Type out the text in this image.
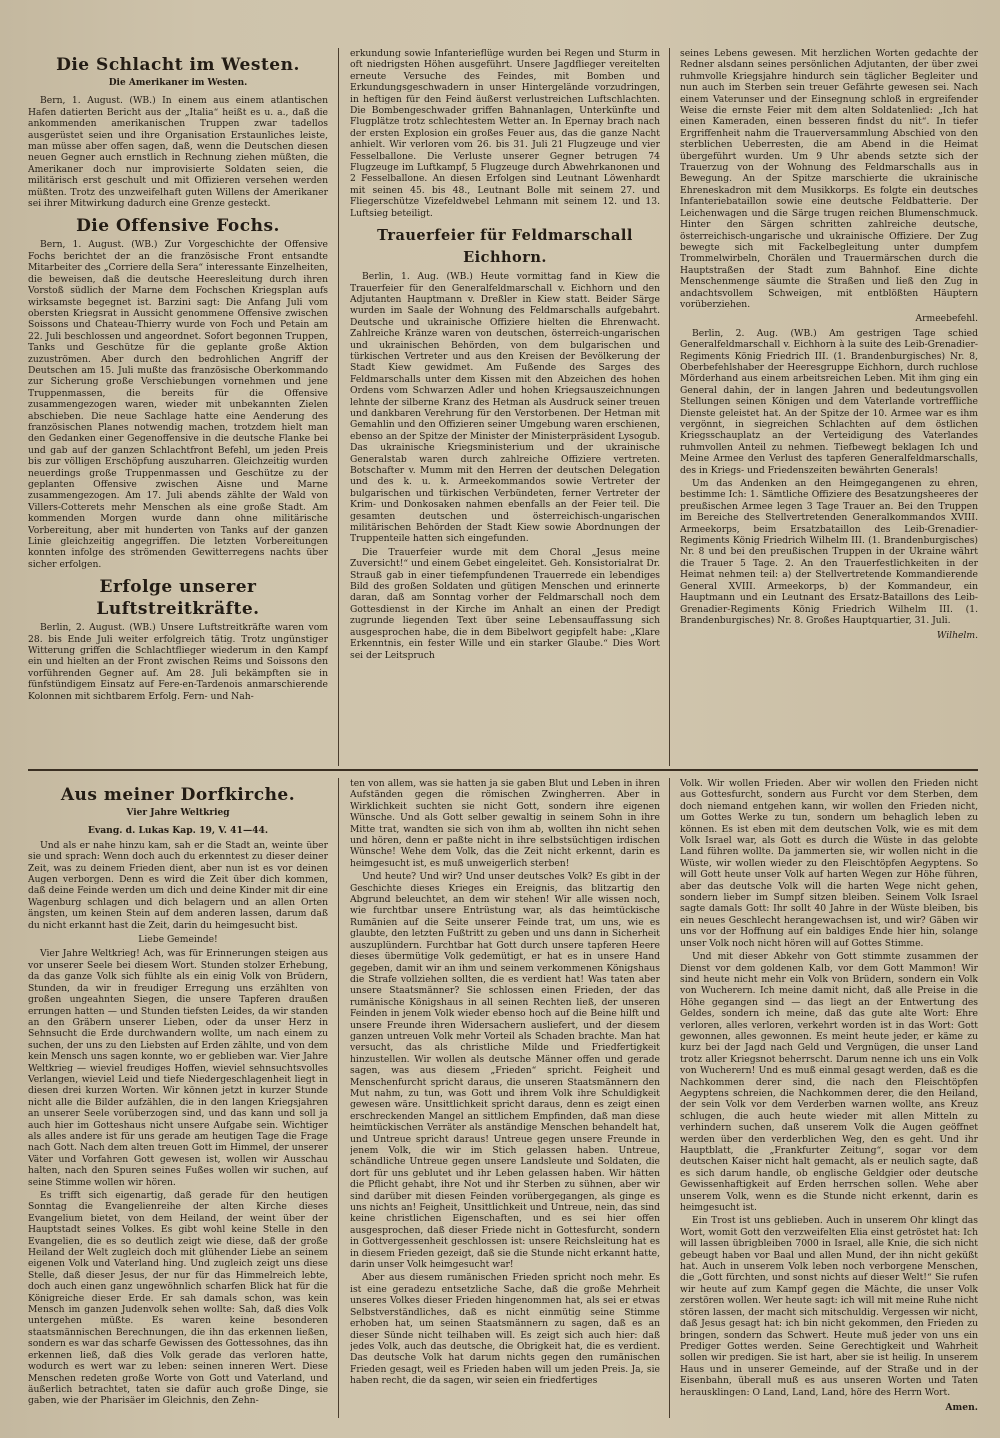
Die Schlacht im Westen.
Die Amerikaner im Westen.

Bern, 1. August. (WB.) In einem aus einem atlantischen Hafen datierten Bericht aus der „Italia“ heißt es u. a., daß die ankommenden amerikanischen Truppen zwar tadellos ausgerüstet seien und ihre Organisation Erstaunliches leiste, man müsse aber offen sagen, daß, wenn die Deutschen diesen neuen Gegner auch ernstlich in Rechnung ziehen müßten, die Amerikaner doch nur improvisierte Soldaten seien, die militärisch erst geschult und mit Offizieren versehen werden müßten. Trotz des unzweifelhaft guten Willens der Amerikaner sei ihrer Mitwirkung dadurch eine Grenze gesteckt.

Die Offensive Fochs.

Bern, 1. August. (WB.) Zur Vorgeschichte der Offensive Fochs berichtet der an die französische Front entsandte Mitarbeiter des „Corriere della Sera“ interessante Einzelheiten, die beweisen, daß die deutsche Heeresleitung durch ihren Vorstoß südlich der Marne dem Fochschen Kriegsplan aufs wirksamste begegnet ist. Barzini sagt: Die Anfang Juli vom obersten Kriegsrat in Aussicht genommene Offensive zwischen Soissons und Chateau-Thierry wurde von Foch und Petain am 22. Juli beschlossen und angeordnet. Sofort begonnen Truppen, Tanks und Geschütze für die geplante große Aktion zuzuströmen. Aber durch den bedrohlichen Angriff der Deutschen am 15. Juli mußte das französische Oberkommando zur Sicherung große Verschiebungen vornehmen und jene Truppenmassen, die bereits für die Offensive zusammengezogen waren, wieder mit unbekannten Zielen abschieben. Die neue Sachlage hatte eine Aenderung des französischen Planes notwendig machen, trotzdem hielt man den Gedanken einer Gegenoffensive in die deutsche Flanke bei und gab auf der ganzen Schlachtfront Befehl, um jeden Preis bis zur völligen Erschöpfung auszuharren. Gleichzeitig wurden neuerdings große Truppenmassen und Geschütze zu der geplanten Offensive zwischen Aisne und Marne zusammengezogen. Am 17. Juli abends zählte der Wald von Villers-Cotterets mehr Menschen als eine große Stadt. Am kommenden Morgen wurde dann ohne militärische Vorbereitung, aber mit hunderten von Tanks auf der ganzen Linie gleichzeitig angegriffen. Die letzten Vorbereitungen konnten infolge des strömenden Gewitterregens nachts über sicher erfolgen.

Erfolge unserer Luftstreitkräfte.

Berlin, 2. August. (WB.) Unsere Luftstreitkräfte waren vom 28. bis Ende Juli weiter erfolgreich tätig. Trotz ungünstiger Witterung griffen die Schlachtflieger wiederum in den Kampf ein und hielten an der Front zwischen Reims und Soissons den vorführenden Gegner auf. Am 28. Juli bekämpften sie in fünfstündigem Einsatz auf Fere-en-Tardenois anmarschierende Kolonnen mit sichtbarem Erfolg. Fern- und Nah-

erkundung sowie Infanterieflüge wurden bei Regen und Sturm in oft niedrigsten Höhen ausgeführt. Unsere Jagdflieger vereitelten erneute Versuche des Feindes, mit Bomben und Erkundungsgeschwadern in unser Hintergelände vorzudringen, in heftigen für den Feind äußerst verlustreichen Luftschlachten. Die Bombengeschwader griffen Bahnanlagen, Unterkünfte und Flugplätze trotz schlechtestem Wetter an. In Epernay brach nach der ersten Explosion ein großes Feuer aus, das die ganze Nacht anhielt. Wir verloren vom 26. bis 31. Juli 21 Flugzeuge und vier Fesselballone. Die Verluste unserer Gegner betrugen 74 Flugzeuge im Luftkampf, 5 Flugzeuge durch Abwehrkanonen und 2 Fesselballone. An diesen Erfolgen sind Leutnant Löwenhardt mit seinen 45. bis 48., Leutnant Bolle mit seinem 27. und Fliegerschütze Vizefeldwebel Lehmann mit seinem 12. und 13. Luftsieg beteiligt.

Trauerfeier für Feldmarschall Eichhorn.

Berlin, 1. Aug. (WB.) Heute vormittag fand in Kiew die Trauerfeier für den Generalfeldmarschall v. Eichhorn und den Adjutanten Hauptmann v. Dreßler in Kiew statt. Beider Särge wurden im Saale der Wohnung des Feldmarschalls aufgebahrt. Deutsche und ukrainische Offiziere hielten die Ehrenwacht. Zahlreiche Kränze waren von deutschen, österreich-ungarischen und ukrainischen Behörden, von dem bulgarischen und türkischen Vertreter und aus den Kreisen der Bevölkerung der Stadt Kiew gewidmet. Am Fußende des Sarges des Feldmarschalls unter dem Kissen mit den Abzeichen des hohen Ordens vom Schwarzen Adler und hohen Kriegsauszeichnungen lehnte der silberne Kranz des Hetman als Ausdruck seiner treuen und dankbaren Verehrung für den Verstorbenen. Der Hetman mit Gemahlin und den Offizieren seiner Umgebung waren erschienen, ebenso an der Spitze der Minister der Ministerpräsident Lysogub. Das ukrainische Kriegsministerium und der ukrainische Generalstab waren durch zahlreiche Offiziere vertreten. Botschafter v. Mumm mit den Herren der deutschen Delegation und des k. u. k. Armeekommandos sowie Vertreter der bulgarischen und türkischen Verbündeten, ferner Vertreter der Krim- und Donkosaken nahmen ebenfalls an der Feier teil. Die gesamten deutschen und österreichisch-ungarischen militärischen Behörden der Stadt Kiew sowie Abordnungen der Truppenteile hatten sich eingefunden.

Die Trauerfeier wurde mit dem Choral „Jesus meine Zuversicht!“ und einem Gebet eingeleitet. Geh. Konsistorialrat Dr. Strauß gab in einer tiefempfundenen Trauerrede ein lebendiges Bild des großen Soldaten und gütigen Menschen und erinnerte daran, daß am Sonntag vorher der Feldmarschall noch dem Gottesdienst in der Kirche im Anhalt an einen der Predigt zugrunde liegenden Text über seine Lebensauffassung sich ausgesprochen habe, die in dem Bibelwort gegipfelt habe: „Klare Erkenntnis, ein fester Wille und ein starker Glaube.“ Dies Wort sei der Leitspruch

seines Lebens gewesen. Mit herzlichen Worten gedachte der Redner alsdann seines persönlichen Adjutanten, der über zwei ruhmvolle Kriegsjahre hindurch sein täglicher Begleiter und nun auch im Sterben sein treuer Gefährte gewesen sei. Nach einem Vaterunser und der Einsegnung schloß in ergreifender Weise die ernste Feier mit dem alten Soldatenlied: „Ich hat einen Kameraden, einen besseren findst du nit“. In tiefer Ergriffenheit nahm die Trauerversammlung Abschied von den sterblichen Ueberresten, die am Abend in die Heimat übergeführt wurden. Um 9 Uhr abends setzte sich der Trauerzug von der Wohnung des Feldmarschalls aus in Bewegung. An der Spitze marschierte die ukrainische Ehreneskadron mit dem Musikkorps. Es folgte ein deutsches Infanteriebataillon sowie eine deutsche Feldbatterie. Der Leichenwagen und die Särge trugen reichen Blumenschmuck. Hinter den Särgen schritten zahlreiche deutsche, österreichisch-ungarische und ukrainische Offiziere. Der Zug bewegte sich mit Fackelbegleitung unter dumpfem Trommelwirbeln, Chorälen und Trauermärschen durch die Hauptstraßen der Stadt zum Bahnhof. Eine dichte Menschenmenge säumte die Straßen und ließ den Zug in andachtsvollem Schweigen, mit entblößten Häuptern vorüberziehen.

Armeebefehl.

Berlin, 2. Aug. (WB.) Am gestrigen Tage schied Generalfeldmarschall v. Eichhorn à la suite des Leib-Grenadier-Regiments König Friedrich III. (1. Brandenburgisches) Nr. 8, Oberbefehlshaber der Heeresgruppe Eichhorn, durch ruchlose Mörderhand aus einem arbeitsreichen Leben. Mit ihm ging ein General dahin, der in langen Jahren und bedeutungsvollen Stellungen seinen Königen und dem Vaterlande vortreffliche Dienste geleistet hat. An der Spitze der 10. Armee war es ihm vergönnt, in siegreichen Schlachten auf dem östlichen Kriegsschauplatz an der Verteidigung des Vaterlandes ruhmvollen Anteil zu nehmen. Tiefbewegt beklagen Ich und Meine Armee den Verlust des tapferen Generalfeldmarschalls, des in Kriegs- und Friedenszeiten bewährten Generals!

Um das Andenken an den Heimgegangenen zu ehren, bestimme Ich: 1. Sämtliche Offiziere des Besatzungsheeres der preußischen Armee legen 3 Tage Trauer an. Bei den Truppen im Bereiche des Stellvertretenden Generalkommandos XVIII. Armeekorps, beim Ersatzbataillon des Leib-Grenadier-Regiments König Friedrich Wilhelm III. (1. Brandenburgisches) Nr. 8 und bei den preußischen Truppen in der Ukraine währt die Trauer 5 Tage. 2. An den Trauerfestlichkeiten in der Heimat nehmen teil: a) der Stellvertretende Kommandierende General XVIII. Armeekorps, b) der Kommandeur, ein Hauptmann und ein Leutnant des Ersatz-Bataillons des Leib-Grenadier-Regiments König Friedrich Wilhelm III. (1. Brandenburgisches) Nr. 8. Großes Hauptquartier, 31. Juli.

Wilhelm.
Aus meiner Dorfkirche.
Vier Jahre Weltkrieg
Evang. d. Lukas Kap. 19, V. 41—44.

Und als er nahe hinzu kam, sah er die Stadt an, weinte über sie und sprach: Wenn doch auch du erkenntest zu dieser deiner Zeit, was zu deinem Frieden dient, aber nun ist es vor deinen Augen verborgen. Denn es wird die Zeit über dich kommen, daß deine Feinde werden um dich und deine Kinder mit dir eine Wagenburg schlagen und dich belagern und an allen Orten ängsten, um keinen Stein auf dem anderen lassen, darum daß du nicht erkannt hast die Zeit, darin du heimgesucht bist.

Liebe Gemeinde!

Vier Jahre Weltkrieg! Ach, was für Erinnerungen steigen aus vor unserer Seele bei diesem Wort. Stunden stolzer Erhebung, da das ganze Volk sich fühlte als ein einig Volk von Brüdern, Stunden, da wir in freudiger Erregung uns erzählten von großen ungeahnten Siegen, die unsere Tapferen draußen errungen hatten — und Stunden tiefsten Leides, da wir standen an den Gräbern unserer Lieben, oder da unser Herz in Sehnsucht die Erde durchwandern wollte, um nach einem zu suchen, der uns zu den Liebsten auf Erden zählte, und von dem kein Mensch uns sagen konnte, wo er geblieben war. Vier Jahre Weltkrieg — wieviel freudiges Hoffen, wieviel sehnsuchtsvolles Verlangen, wieviel Leid und tiefe Niedergeschlagenheit liegt in diesen drei kurzen Worten. Wir können jetzt in kurzer Stunde nicht alle die Bilder aufzählen, die in den langen Kriegsjahren an unserer Seele vorüberzogen sind, und das kann und soll ja auch hier im Gotteshaus nicht unsere Aufgabe sein. Wichtiger als alles andere ist für uns gerade am heutigen Tage die Frage nach Gott. Nach dem alten treuen Gott im Himmel, der unserer Väter und Vorfahren Gott gewesen ist, wollen wir Ausschau halten, nach den Spuren seines Fußes wollen wir suchen, auf seine Stimme wollen wir hören.

Es trifft sich eigenartig, daß gerade für den heutigen Sonntag die Evangelienreihe der alten Kirche dieses Evangelium bietet, von dem Heiland, der weint über der Hauptstadt seines Volkes. Es gibt wohl keine Stelle in den Evangelien, die es so deutlich zeigt wie diese, daß der große Heiland der Welt zugleich doch mit glühender Liebe an seinem eigenen Volk und Vaterland hing. Und zugleich zeigt uns diese Stelle, daß dieser Jesus, der nur für das Himmelreich lebte, doch auch einen ganz ungewöhnlich scharfen Blick hat für die Königreiche dieser Erde. Er sah damals schon, was kein Mensch im ganzen Judenvolk sehen wollte: Sah, daß dies Volk untergehen müßte. Es waren keine besonderen staatsmännischen Berechnungen, die ihn das erkennen ließen, sondern es war das scharfe Gewissen des Gottessohnes, das ihn erkennen ließ, daß dies Volk gerade das verloren hatte, wodurch es wert war zu leben: seinen inneren Wert. Diese Menschen redeten große Worte von Gott und Vaterland, und äußerlich betrachtet, taten sie dafür auch große Dinge, sie gaben, wie der Pharisäer im Gleichnis, den Zehn-

ten von allem, was sie hatten ja sie gaben Blut und Leben in ihren Aufständen gegen die römischen Zwingherren. Aber in Wirklichkeit suchten sie nicht Gott, sondern ihre eigenen Wünsche. Und als Gott selber gewaltig in seinem Sohn in ihre Mitte trat, wandten sie sich von ihm ab, wollten ihn nicht sehen und hören, denn er paßte nicht in ihre selbstsüchtigen irdischen Wünsche! Wehe dem Volk, das die Zeit nicht erkennt, darin es heimgesucht ist, es muß unweigerlich sterben!

Und heute? Und wir? Und unser deutsches Volk? Es gibt in der Geschichte dieses Krieges ein Ereignis, das blitzartig den Abgrund beleuchtet, an dem wir stehen! Wir alle wissen noch, wie furchtbar unsere Entrüstung war, als das heimtückische Rumänien auf die Seite unserer Feinde trat, um uns, wie es glaubte, den letzten Fußtritt zu geben und uns dann in Sicherheit auszuplündern. Furchtbar hat Gott durch unsere tapferen Heere dieses übermütige Volk gedemütigt, er hat es in unsere Hand gegeben, damit wir an ihm und seinem verkommenen Königshaus die Strafe vollziehen sollten, die es verdient hat! Was taten aber unsere Staatsmänner? Sie schlossen einen Frieden, der das rumänische Königshaus in all seinen Rechten ließ, der unseren Feinden in jenem Volk wieder ebenso hoch auf die Beine hilft und unsere Freunde ihren Widersachern ausliefert, und der diesem ganzen untreuen Volk mehr Vorteil als Schaden brachte. Man hat versucht, das als christliche Milde und Friedfertigkeit hinzustellen. Wir wollen als deutsche Männer offen und gerade sagen, was aus diesem „Frieden“ spricht. Feigheit und Menschenfurcht spricht daraus, die unseren Staatsmännern den Mut nahm, zu tun, was Gott und ihrem Volk ihre Schuldigkeit gewesen wäre. Unsittlichkeit spricht daraus, denn es zeigt einen erschreckenden Mangel an sittlichem Empfinden, daß man diese heimtückischen Verräter als anständige Menschen behandelt hat, und Untreue spricht daraus! Untreue gegen unsere Freunde in jenem Volk, die wir im Stich gelassen haben. Untreue, schändliche Untreue gegen unsere Landsleute und Soldaten, die dort für uns geblutet und ihr Leben gelassen haben. Wir hätten die Pflicht gehabt, ihre Not und ihr Sterben zu sühnen, aber wir sind darüber mit diesen Feinden vorübergegangen, als ginge es uns nichts an! Feigheit, Unsittlichkeit und Untreue, nein, das sind keine christlichen Eigenschaften, und es sei hier offen ausgesprochen, daß dieser Friede nicht in Gottesfurcht, sondern in Gottvergessenheit geschlossen ist: unsere Reichsleitung hat es in diesem Frieden gezeigt, daß sie die Stunde nicht erkannt hatte, darin unser Volk heimgesucht war!

Aber aus diesem rumänischen Frieden spricht noch mehr. Es ist eine geradezu entsetzliche Sache, daß die große Mehrheit unseres Volkes dieser Frieden hingenommen hat, als sei er etwas Selbstverständliches, daß es nicht einmütig seine Stimme erhoben hat, um seinen Staatsmännern zu sagen, daß es an dieser Sünde nicht teilhaben will. Es zeigt sich auch hier: daß jedes Volk, auch das deutsche, die Obrigkeit hat, die es verdient. Das deutsche Volk hat darum nichts gegen den rumänischen Frieden gesagt, weil es Frieden haben will um jeden Preis. Ja, sie haben recht, die da sagen, wir seien ein friedfertiges

Volk. Wir wollen Frieden. Aber wir wollen den Frieden nicht aus Gottesfurcht, sondern aus Furcht vor dem Sterben, dem doch niemand entgehen kann, wir wollen den Frieden nicht, um Gottes Werke zu tun, sondern um behaglich leben zu können. Es ist eben mit dem deutschen Volk, wie es mit dem Volk Israel war, als Gott es durch die Wüste in das gelobte Land führen wollte. Da jammerten sie, wir wollen nicht in die Wüste, wir wollen wieder zu den Fleischtöpfen Aegyptens. So will Gott heute unser Volk auf harten Wegen zur Höhe führen, aber das deutsche Volk will die harten Wege nicht gehen, sondern lieber im Sumpf sitzen bleiben. Seinem Volk Israel sagte damals Gott: Ihr sollt 40 Jahre in der Wüste bleiben, bis ein neues Geschlecht herangewachsen ist, und wir? Gäben wir uns vor der Hoffnung auf ein baldiges Ende hier hin, solange unser Volk noch nicht hören will auf Gottes Stimme.

Und mit dieser Abkehr von Gott stimmte zusammen der Dienst vor dem goldenen Kalb, vor dem Gott Mammon! Wir sind heute nicht mehr ein Volk von Brüdern, sondern ein Volk von Wucherern. Ich meine damit nicht, daß alle Preise in die Höhe gegangen sind — das liegt an der Entwertung des Geldes, sondern ich meine, daß das gute alte Wort: Ehre verloren, alles verloren, verkehrt worden ist in das Wort: Gott gewonnen, alles gewonnen. Es meint heute jeder, er käme zu kurz bei der Jagd nach Geld und Vergnügen, die unser Land trotz aller Kriegsnot beherrscht. Darum nenne ich uns ein Volk von Wucherern! Und es muß einmal gesagt werden, daß es die Nachkommen derer sind, die nach den Fleischtöpfen Aegyptens schreien, die Nachkommen derer, die den Heiland, der sein Volk vor dem Verderben warnen wollte, ans Kreuz schlugen, die auch heute wieder mit allen Mitteln zu verhindern suchen, daß unserem Volk die Augen geöffnet werden über den verderblichen Weg, den es geht. Und ihr Hauptblatt, die „Frankfurter Zeitung“, sogar vor dem deutschen Kaiser nicht halt gemacht, als er neulich sagte, daß es sich darum handle, ob englische Geldgier oder deutsche Gewissenhaftigkeit auf Erden herrschen sollen. Wehe aber unserem Volk, wenn es die Stunde nicht erkennt, darin es heimgesucht ist.

Ein Trost ist uns geblieben. Auch in unserem Ohr klingt das Wort, womit Gott den verzweifelten Elia einst getröstet hat: Ich will lassen übrigbleiben 7000 in Israel, alle Knie, die sich nicht gebeugt haben vor Baal und allen Mund, der ihn nicht geküßt hat. Auch in unserem Volk leben noch verborgene Menschen, die „Gott fürchten, und sonst nichts auf dieser Welt!“ Sie rufen wir heute auf zum Kampf gegen die Mächte, die unser Volk zerstören wollen. Wer heute sagt: ich will mit meine Ruhe nicht stören lassen, der macht sich mitschuldig. Vergessen wir nicht, daß Jesus gesagt hat: ich bin nicht gekommen, den Frieden zu bringen, sondern das Schwert. Heute muß jeder von uns ein Prediger Gottes werden. Seine Gerechtigkeit und Wahrheit sollen wir predigen. Sie ist hart, aber sie ist heilig. In unserem Haus und in unserer Gemeinde, auf der Straße und in der Eisenbahn, überall muß es aus unseren Worten und Taten herausklingen: O Land, Land, Land, höre des Herrn Wort.

Amen.
